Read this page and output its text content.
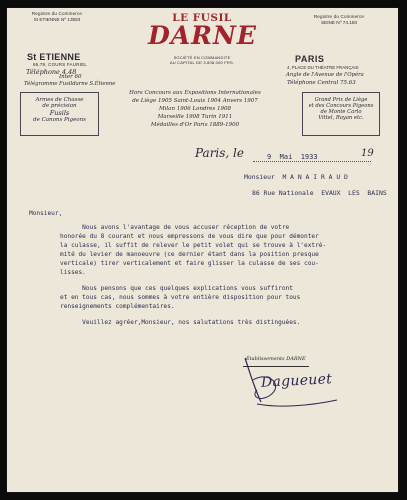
LE FUSIL
DARNE
SOCIÉTÉ EN COMMANDITE
AU CAPITAL DE 3.808.000 FRS.
Registre du Commerce
St ETIENNE Nº 13583
St ETIENNE
65,79, COURS FAURIEL
Téléphone 4.48
Inter 60
Télégramme Fusildarne S.Étienne
Registre du Commerce
SEINE Nº 74.183
PARIS
4, PLACE DU THÉATRE FRANÇAIS
Angle de l'Avenue de l'Opéra
Téléphone Central 75.63
Armes de Chasse
de précision
Fusils
de Canons Pigeons
Hors Concours aux Expositions Internationales
de Liège 1905 Saint-Louis 1904 Anvers 1907
Milan 1906 Londres 1908
Marseille 1908 Turin 1911
Médailles d'Or Paris 1889-1900
Grand Prix de Liège
et des Concours Pigeons
de Monte Carlo
Vittel, Royan etc.
Paris, le	9  Mai  1933	19
Monsieur  M A N A I R A U D
86 Rue Nationale  EVAUX  LES  BAINS
Monsieur,
Nous avons l'avantage de vous accuser réception de votre
honorée du 8 courant et nous empressons de vous dire que pour démonter
la culasse, il suffit de relever le petit volet qui se trouve à l'extré-
mité du levier de manoeuvre (ce dernier étant dans la position presque
verticale) tirer verticalement et faire glisser la culasse de ses cou-
lisses.
Nous pensons que ces quelques explications vous suffiront
et en tous cas, nous sommes à votre entière disposition pour tous
renseignements complémentaires.
Veuillez agréer,Monsieur, nos salutations très distinguées.
Établissements DARNE
Dagueuet
